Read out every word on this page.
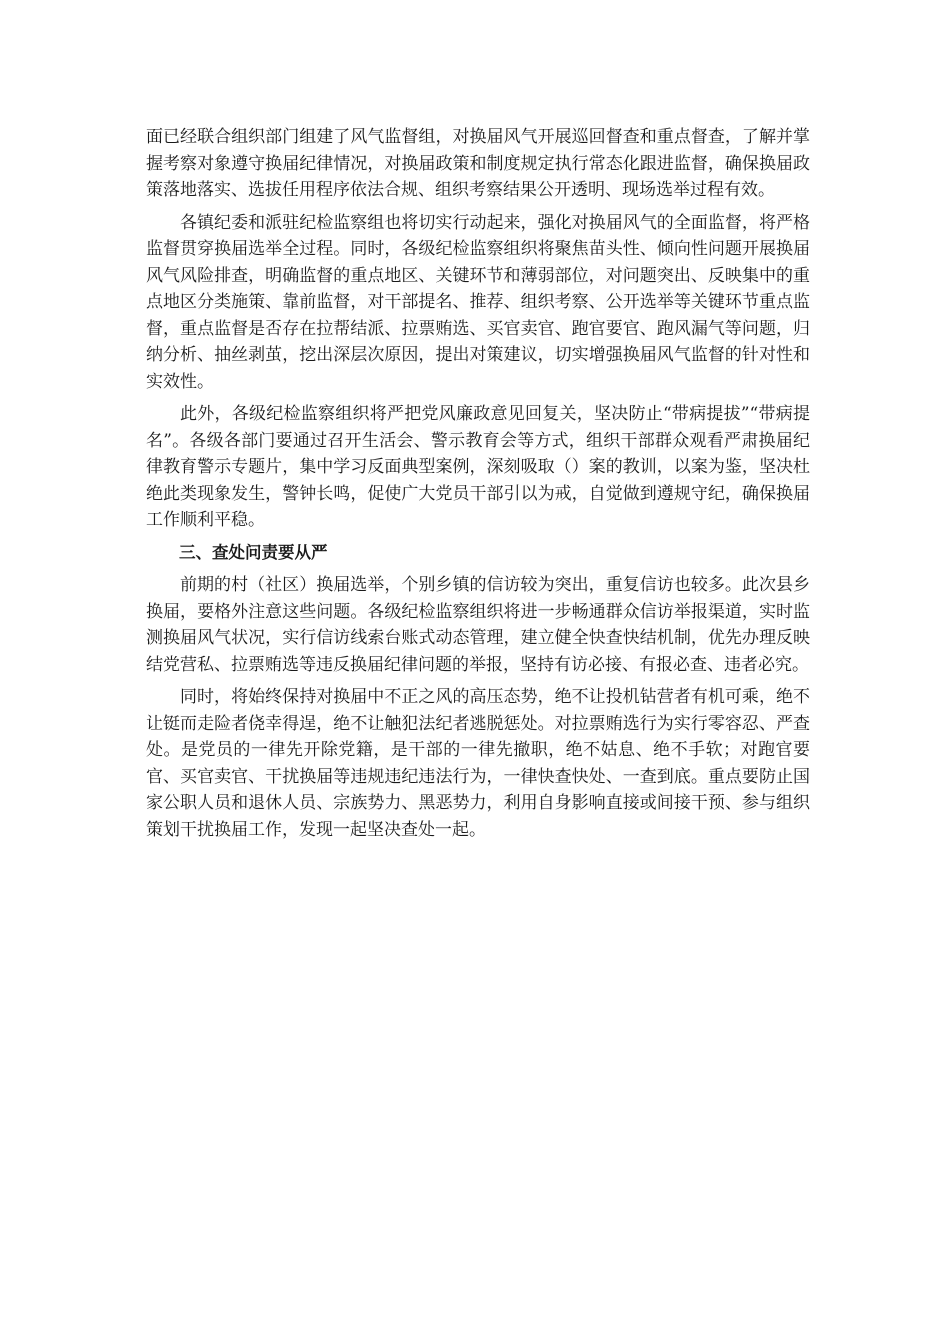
面已经联合组织部门组建了风气监督组，对换届风气开展巡回督查和重点督查，了解并掌握考察对象遵守换届纪律情况，对换届政策和制度规定执行常态化跟进监督，确保换届政策落地落实、选拔任用程序依法合规、组织考察结果公开透明、现场选举过程有效。

各镇纪委和派驻纪检监察组也将切实行动起来，强化对换届风气的全面监督，将严格监督贯穿换届选举全过程。同时，各级纪检监察组织将聚焦苗头性、倾向性问题开展换届风气风险排查，明确监督的重点地区、关键环节和薄弱部位，对问题突出、反映集中的重点地区分类施策、靠前监督，对干部提名、推荐、组织考察、公开选举等关键环节重点监督，重点监督是否存在拉帮结派、拉票贿选、买官卖官、跑官要官、跑风漏气等问题，归纳分析、抽丝剥茧，挖出深层次原因，提出对策建议，切实增强换届风气监督的针对性和实效性。

此外，各级纪检监察组织将严把党风廉政意见回复关，坚决防止“带病提拔”“带病提名”。各级各部门要通过召开生活会、警示教育会等方式，组织干部群众观看严肃换届纪律教育警示专题片，集中学习反面典型案例，深刻吸取（）案的教训，以案为鉴，坚决杜绝此类现象发生，警钟长鸣，促使广大党员干部引以为戒，自觉做到遵规守纪，确保换届工作顺利平稳。

三、查处问责要从严

前期的村（社区）换届选举，个别乡镇的信访较为突出，重复信访也较多。此次县乡换届，要格外注意这些问题。各级纪检监察组织将进一步畅通群众信访举报渠道，实时监测换届风气状况，实行信访线索台账式动态管理，建立健全快查快结机制，优先办理反映结党营私、拉票贿选等违反换届纪律问题的举报，坚持有访必接、有报必查、违者必究。

同时，将始终保持对换届中不正之风的高压态势，绝不让投机钻营者有机可乘，绝不让铤而走险者侥幸得逞，绝不让触犯法纪者逃脱惩处。对拉票贿选行为实行零容忍、严查处。是党员的一律先开除党籍，是干部的一律先撤职，绝不姑息、绝不手软；对跑官要官、买官卖官、干扰换届等违规违纪违法行为，一律快查快处、一查到底。重点要防止国家公职人员和退休人员、宗族势力、黑恶势力，利用自身影响直接或间接干预、参与组织策划干扰换届工作，发现一起坚决查处一起。
